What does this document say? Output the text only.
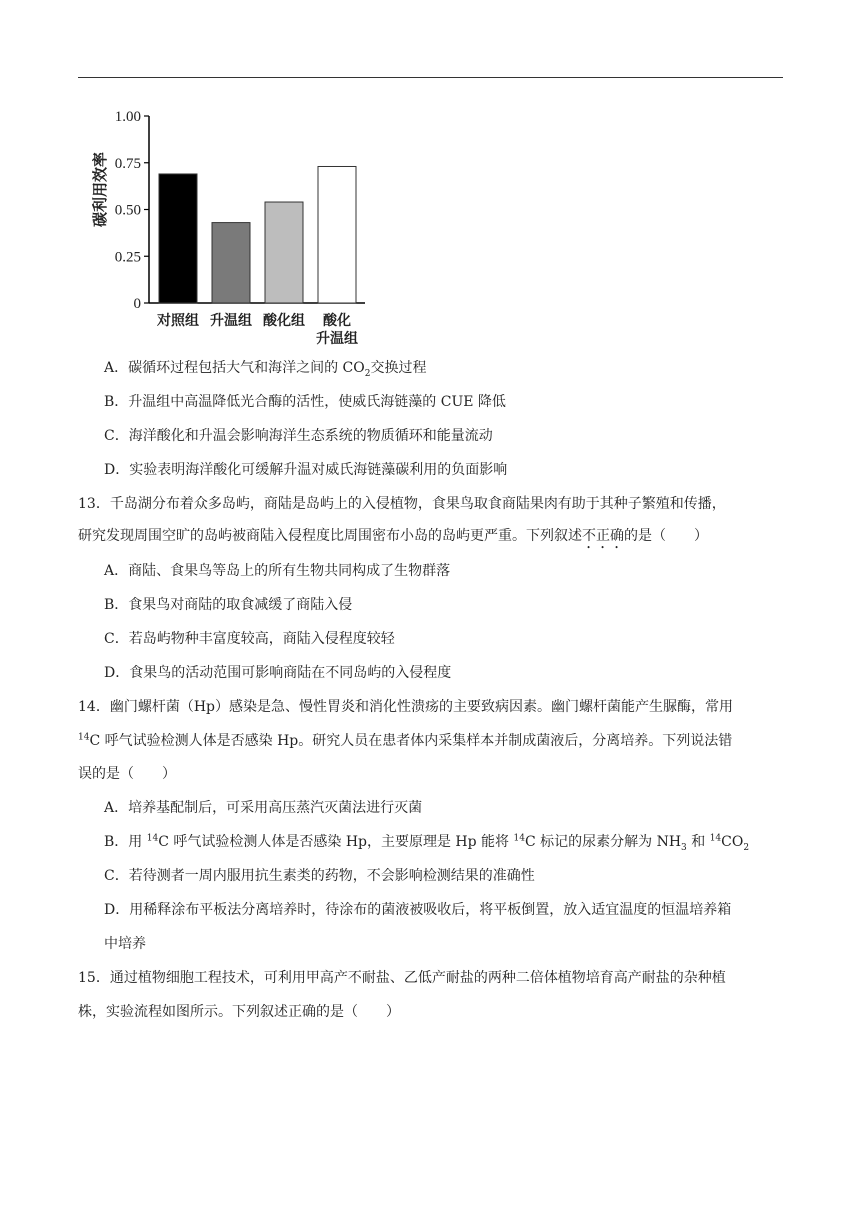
1.00
0.75
0.50
0.25
0
碳利用效率
对照组 升温组 酸化组 酸化
升温组
A．碳循环过程包括大气和海洋之间的 $CO_2$交换过程
B．升温组中高温降低光合酶的活性，使威氏海链藻的 CUE 降低
C．海洋酸化和升温会影响海洋生态系统的物质循环和能量流动
D．实验表明海洋酸化可缓解升温对威氏海链藻碳利用的负面影响
13．千岛湖分布着众多岛屿，商陆是岛屿上的入侵植物，食果鸟取食商陆果肉有助于其种子繁殖和传播，
研究发现周围空旷的岛屿被商陆入侵程度比周围密布小岛的岛屿更严重。下列叙述不正确的是（　　）
A．商陆、食果鸟等岛上的所有生物共同构成了生物群落
B．食果鸟对商陆的取食减缓了商陆入侵
C．若岛屿物种丰富度较高，商陆入侵程度较轻
D．食果鸟的活动范围可影响商陆在不同岛屿的入侵程度
14．幽门螺杆菌（Hp）感染是急、慢性胃炎和消化性溃疡的主要致病因素。幽门螺杆菌能产生脲酶，常用
$^{14}$C 呼气试验检测人体是否感染 Hp。研究人员在患者体内采集样本并制成菌液后，分离培养。下列说法错
误的是（　　）
A．培养基配制后，可采用高压蒸汽灭菌法进行灭菌
B．用 $^{14}$C 呼气试验检测人体是否感染 Hp，主要原理是 Hp 能将 $^{14}$C 标记的尿素分解为 $NH_3$ 和 $^{14}CO_2$
C．若待测者一周内服用抗生素类的药物，不会影响检测结果的准确性
D．用稀释涂布平板法分离培养时，待涂布的菌液被吸收后，将平板倒置，放入适宜温度的恒温培养箱
中培养
15．通过植物细胞工程技术，可利用甲高产不耐盐、乙低产耐盐的两种二倍体植物培育高产耐盐的杂种植
株，实验流程如图所示。下列叙述正确的是（　　）
